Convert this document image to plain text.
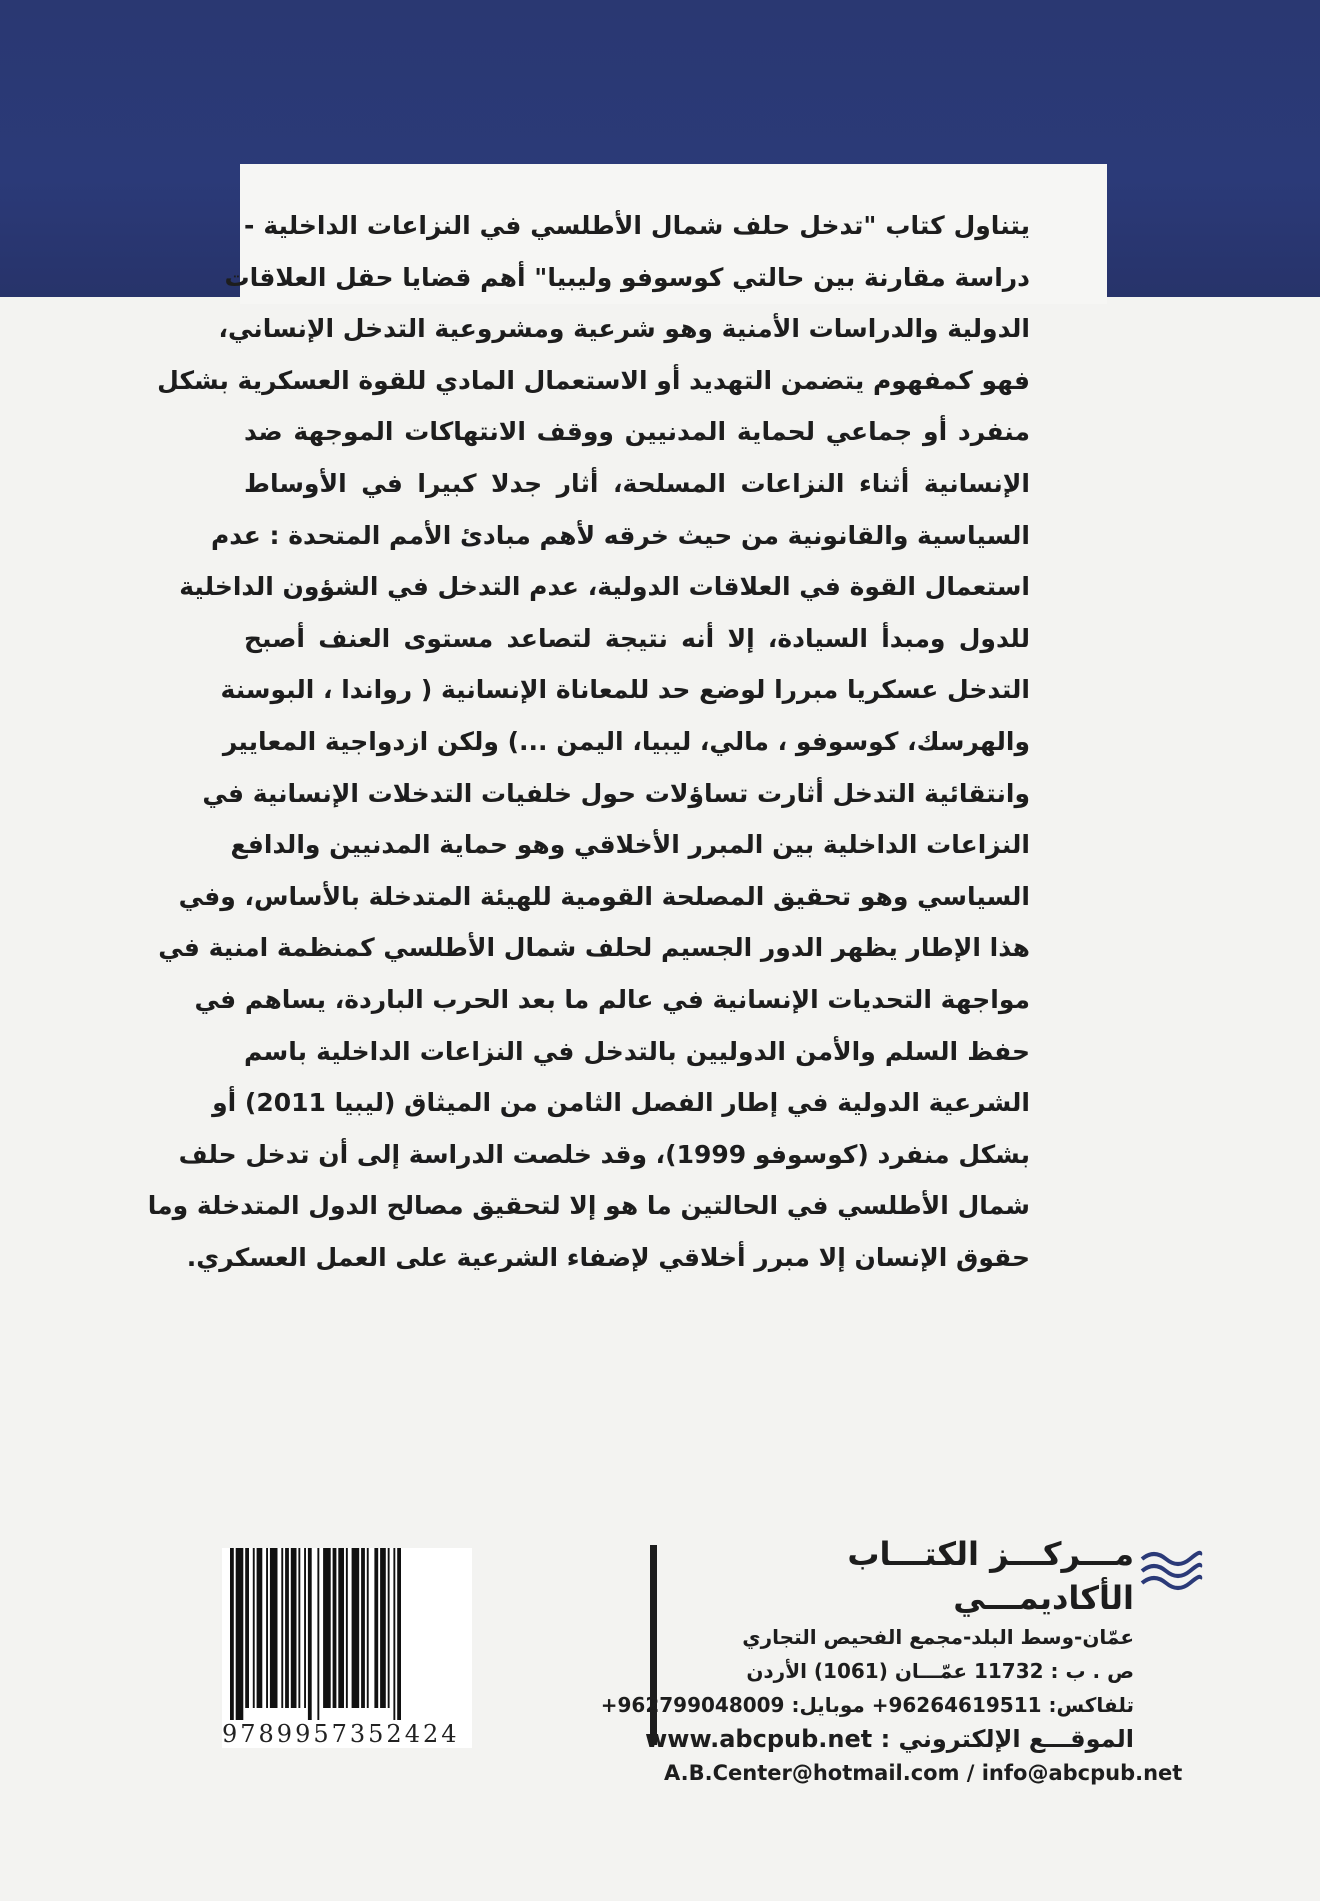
يتناول كتاب "تدخل حلف شمال الأطلسي في النزاعات الداخلية -
دراسة مقارنة بين حالتي كوسوفو وليبيا" أهم قضايا حقل العلاقات
الدولية والدراسات الأمنية وهو شرعية ومشروعية التدخل الإنساني،
فهو كمفهوم يتضمن التهديد أو الاستعمال المادي للقوة العسكرية بشكل
منفرد أو جماعي لحماية المدنيين ووقف الانتهاكات الموجهة ضد
الإنسانية أثناء النزاعات المسلحة، أثار جدلا كبيرا في الأوساط
السياسية والقانونية من حيث خرقه لأهم مبادئ الأمم المتحدة : عدم
استعمال القوة في العلاقات الدولية، عدم التدخل في الشؤون الداخلية
للدول ومبدأ السيادة، إلا أنه نتيجة لتصاعد مستوى العنف أصبح
التدخل عسكريا مبررا لوضع حد للمعاناة الإنسانية ( رواندا ، البوسنة
والهرسك، كوسوفو ، مالي، ليبيا، اليمن ...) ولكن ازدواجية المعايير
وانتقائية التدخل أثارت تساؤلات حول خلفيات التدخلات الإنسانية في
النزاعات الداخلية بين المبرر الأخلاقي وهو حماية المدنيين والدافع
السياسي وهو تحقيق المصلحة القومية للهيئة المتدخلة بالأساس، وفي
هذا الإطار يظهر الدور الجسيم لحلف شمال الأطلسي كمنظمة امنية في
مواجهة التحديات الإنسانية في عالم ما بعد الحرب الباردة، يساهم في
حفظ السلم والأمن الدوليين بالتدخل في النزاعات الداخلية باسم
الشرعية الدولية في إطار الفصل الثامن من الميثاق (ليبيا 2011) أو
بشكل منفرد (كوسوفو 1999)، وقد خلصت الدراسة إلى أن تدخل حلف
شمال الأطلسي في الحالتين ما هو إلا لتحقيق مصالح الدول المتدخلة وما
حقوق الإنسان إلا مبرر أخلاقي لإضفاء الشرعية على العمل العسكري.
مـــركـــز الكتـــاب الأكاديمـــي
عمّان-وسط البلد-مجمع الفحيص التجاري
ص . ب : 11732 عمّـــان (1061) الأردن
تلفاكس: 96264619511+ موبايل: 962799048009+
الموقـــع الإلكتروني : www.abcpub.net
A.B.Center@hotmail.com / info@abcpub.net
9789957352424
